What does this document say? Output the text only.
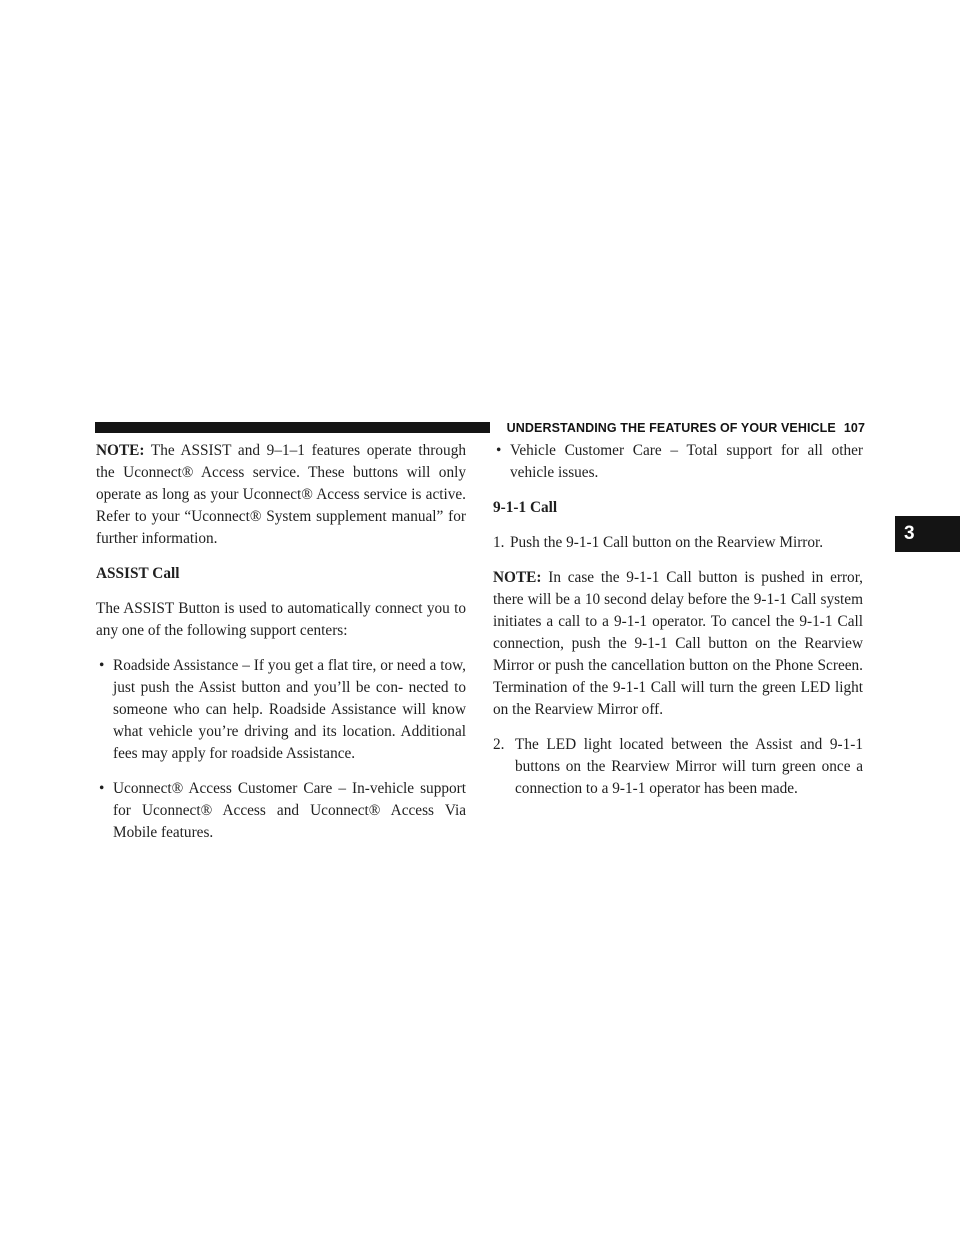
UNDERSTANDING THE FEATURES OF YOUR VEHICLE 107
3

NOTE: The ASSIST and 9–1–1 features operate through the Uconnect® Access service. These buttons will only operate as long as your Uconnect® Access service is active. Refer to your “Uconnect® System supplement manual” for further information.

ASSIST Call

The ASSIST Button is used to automatically connect you to any one of the following support centers:

• Roadside Assistance – If you get a flat tire, or need a tow, just push the Assist button and you’ll be con- nected to someone who can help. Roadside Assistance will know what vehicle you’re driving and its location. Additional fees may apply for roadside Assistance.

• Uconnect® Access Customer Care – In-vehicle support for Uconnect® Access and Uconnect® Access Via Mobile features.

• Vehicle Customer Care – Total support for all other vehicle issues.

9-1-1 Call

1. Push the 9-1-1 Call button on the Rearview Mirror.

NOTE: In case the 9-1-1 Call button is pushed in error, there will be a 10 second delay before the 9-1-1 Call system initiates a call to a 9-1-1 operator. To cancel the 9-1-1 Call connection, push the 9-1-1 Call button on the Rearview Mirror or push the cancellation button on the Phone Screen. Termination of the 9-1-1 Call will turn the green LED light on the Rearview Mirror off.

2. The LED light located between the Assist and 9-1-1 buttons on the Rearview Mirror will turn green once a connection to a 9-1-1 operator has been made.
